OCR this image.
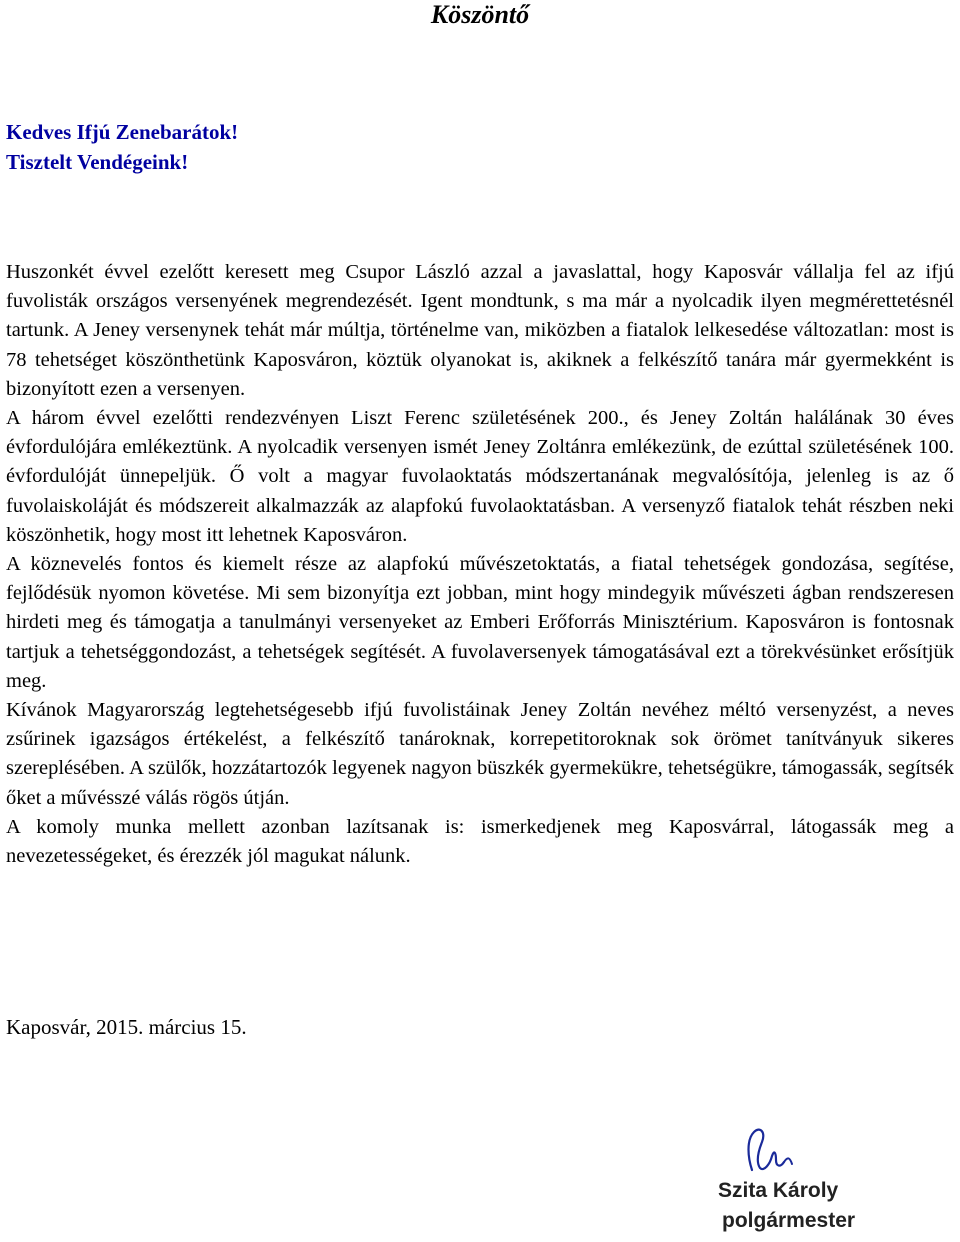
Köszöntő
Kedves Ifjú Zenebarátok!
Tisztelt Vendégeink!

Huszonkét évvel ezelőtt keresett meg Csupor László azzal a javaslattal, hogy Kaposvár vállalja fel az ifjú fuvolisták országos versenyének megrendezését. Igent mondtunk, s ma már a nyolcadik ilyen megmérettetésnél tartunk. A Jeney versenynek tehát már múltja, történelme van, miközben a fiatalok lelkesedése változatlan: most is 78 tehetséget köszönthetünk Kaposváron, köztük olyanokat is, akiknek a felkészítő tanára már gyermekként is bizonyított ezen a versenyen.

A három évvel ezelőtti rendezvényen Liszt Ferenc születésének 200., és Jeney Zoltán halálának 30 éves évfordulójára emlékeztünk. A nyolcadik versenyen ismét Jeney Zoltánra emlékezünk, de ezúttal születésének 100. évfordulóját ünnepeljük. Ő volt a magyar fuvolaoktatás módszertanának megvalósítója, jelenleg is az ő fuvolaiskoláját és módszereit alkalmazzák az alapfokú fuvolaoktatásban. A versenyző fiatalok tehát részben neki köszönhetik, hogy most itt lehetnek Kaposváron.

A köznevelés fontos és kiemelt része az alapfokú művészetoktatás, a fiatal tehetségek gondozása, segítése, fejlődésük nyomon követése. Mi sem bizonyítja ezt jobban, mint hogy mindegyik művészeti ágban rendszeresen hirdeti meg és támogatja a tanulmányi versenyeket az Emberi Erőforrás Minisztérium. Kaposváron is fontosnak tartjuk a tehetséggondozást, a tehetségek segítését. A fuvolaversenyek támogatásával ezt a törekvésünket erősítjük meg.

Kívánok Magyarország legtehetségesebb ifjú fuvolistáinak Jeney Zoltán nevéhez méltó versenyzést, a neves zsűrinek igazságos értékelést, a felkészítő tanároknak, korrepetitoroknak sok örömet tanítványuk sikeres szereplésében. A szülők, hozzátartozók legyenek nagyon büszkék gyermekükre, tehetségükre, támogassák, segítsék őket a művésszé válás rögös útján.

A komoly munka mellett azonban lazítsanak is: ismerkedjenek meg Kaposvárral, látogassák meg a nevezetességeket, és érezzék jól magukat nálunk.

Kaposvár, 2015. március 15.
Szita Károly
polgármester
